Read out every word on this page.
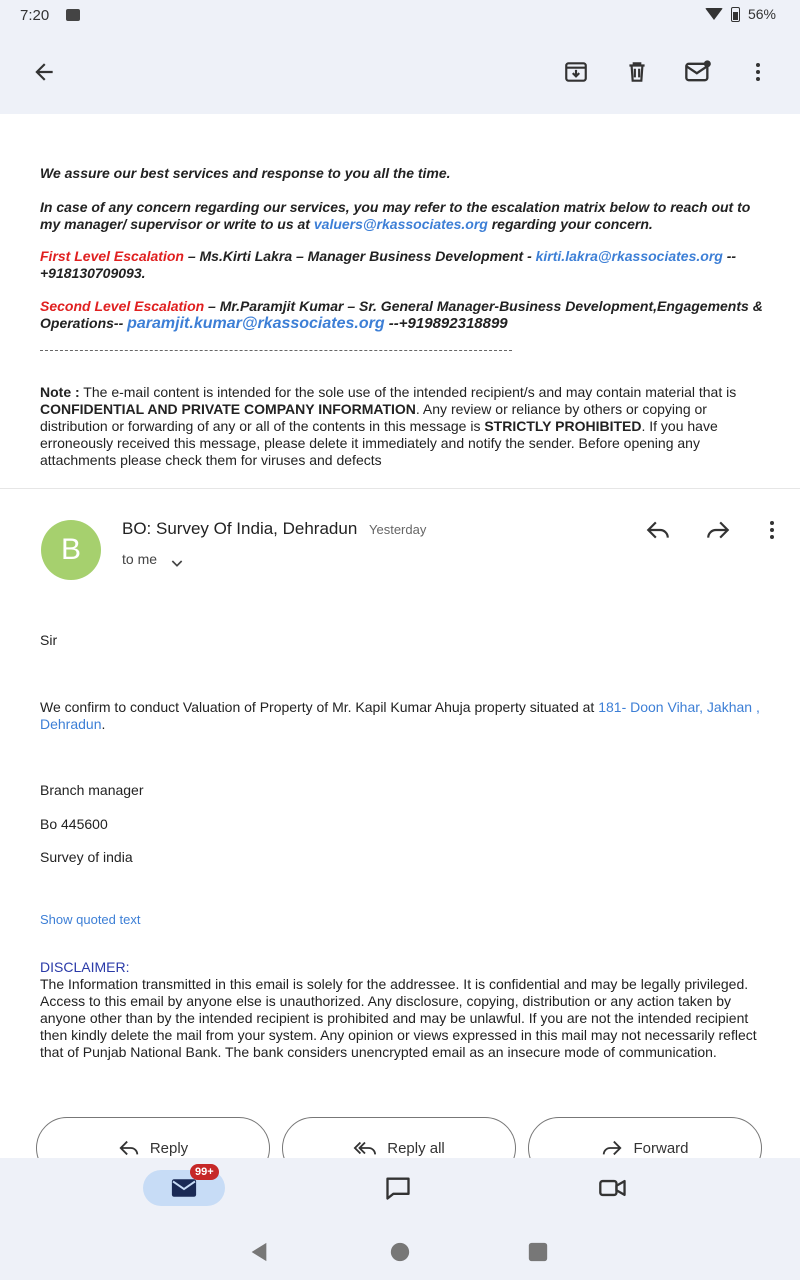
7:20	56%
We assure our best services and response to you all the time.
In case of any concern regarding our services, you may refer to the escalation matrix below to reach out to my manager/ supervisor or write to us at valuers@rkassociates.org regarding your concern.
First Level Escalation – Ms.Kirti Lakra – Manager Business Development - kirti.lakra@rkassociates.org --
+918130709093.
Second Level Escalation – Mr.Paramjit Kumar – Sr. General Manager-Business Development,Engagements & Operations-- paramjit.kumar@rkassociates.org --+919892318899
Note : The e-mail content is intended for the sole use of the intended recipient/s and may contain material that is CONFIDENTIAL AND PRIVATE COMPANY INFORMATION. Any review or reliance by others or copying or distribution or forwarding of any or all of the contents in this message is STRICTLY PROHIBITED. If you have erroneously received this message, please delete it immediately and notify the sender. Before opening any attachments please check them for viruses and defects
B
BO: Survey Of India, Dehradun Yesterday
to me
Sir
We confirm to conduct Valuation of Property of Mr. Kapil Kumar Ahuja property situated at 181- Doon Vihar, Jakhan , Dehradun.
Branch manager
Bo 445600
Survey of india
Show quoted text
DISCLAIMER:
The Information transmitted in this email is solely for the addressee. It is confidential and may be legally privileged. Access to this email by anyone else is unauthorized. Any disclosure, copying, distribution or any action taken by anyone other than by the intended recipient is prohibited and may be unlawful. If you are not the intended recipient then kindly delete the mail from your system. Any opinion or views expressed in this mail may not necessarily reflect that of Punjab National Bank. The bank considers unencrypted email as an insecure mode of communication.
Reply	Reply all	Forward
99+
